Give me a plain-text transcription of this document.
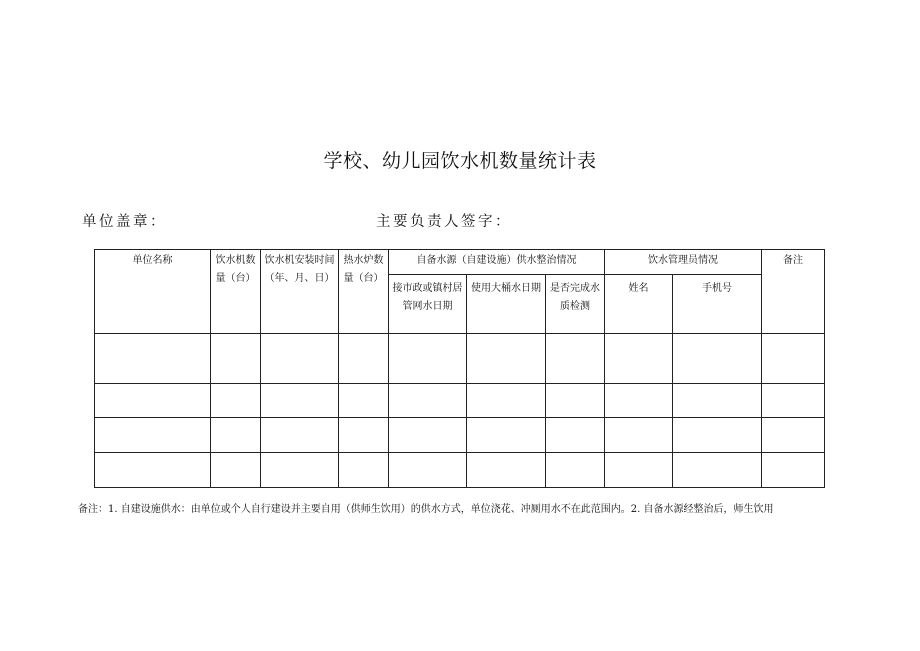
学校、幼儿园饮水机数量统计表
单位盖章：	主要负责人签字：
单位名称	饮水机数量（台）	饮水机安装时间（年、月、日）	热水炉数量（台）	自备水源（自建设施）供水整治情况			饮水管理员情况		备注
				接市政或镇村居管网水日期	使用大桶水日期	是否完成水质检测	姓名	手机号	

备注：1. 自建设施供水：由单位或个人自行建设并主要自用（供师生饮用）的供水方式，单位浇花、冲厕用水不在此范围内。2. 自备水源经整治后，师生饮用
